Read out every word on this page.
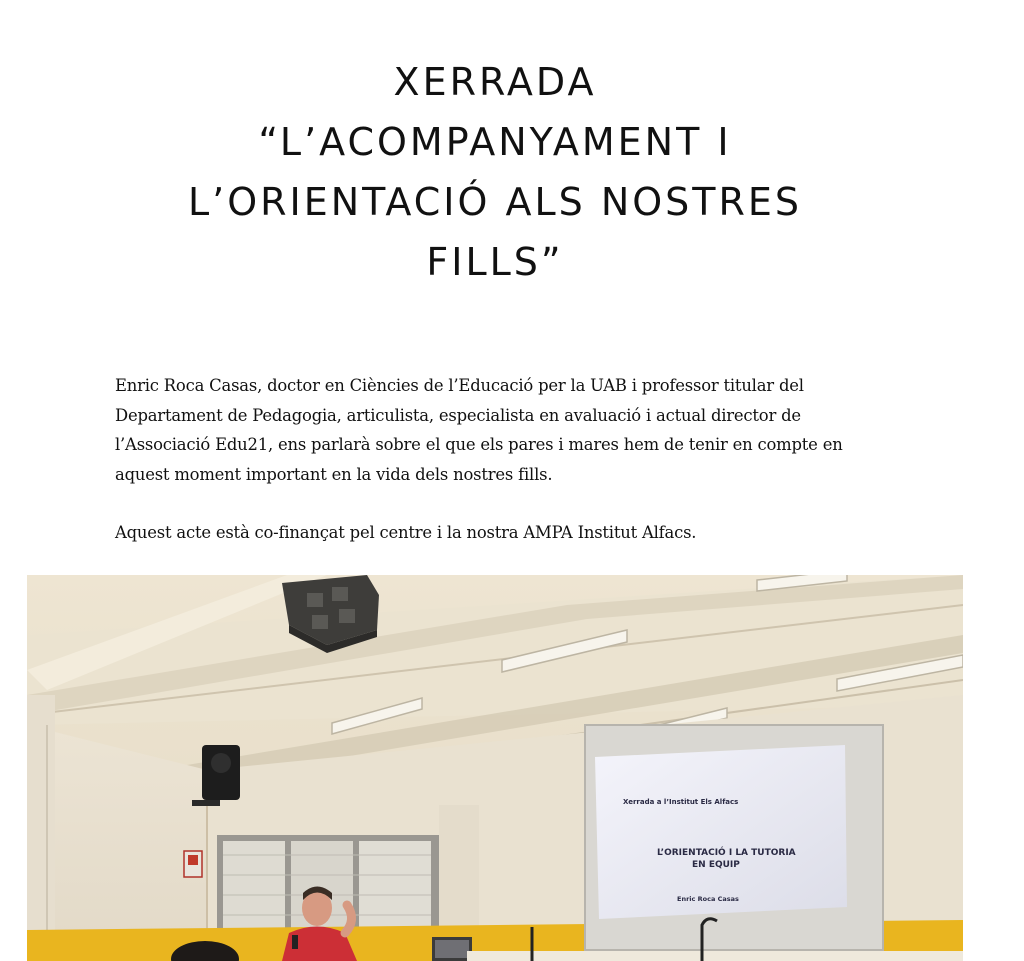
XERRADA
“L’ACOMPANYAMENT I
L’ORIENTACIÓ ALS NOSTRES
FILLS”

Enric Roca Casas, doctor en Ciències de l’Educació per la UAB i professor titular del Departament de Pedagogia, articulista, especialista en avaluació i actual director de l’Associació Edu21, ens parlarà sobre el que els pares i mares hem de tenir en compte en aquest moment important en la vida dels nostres fills.

Aquest acte està co-finançat pel centre i la nostra AMPA Institut Alfacs.

Xerrada a l’Institut Els Alfacs
L’ORIENTACIÓ I LA TUTORIA
EN EQUIP
Enric Roca Casas
